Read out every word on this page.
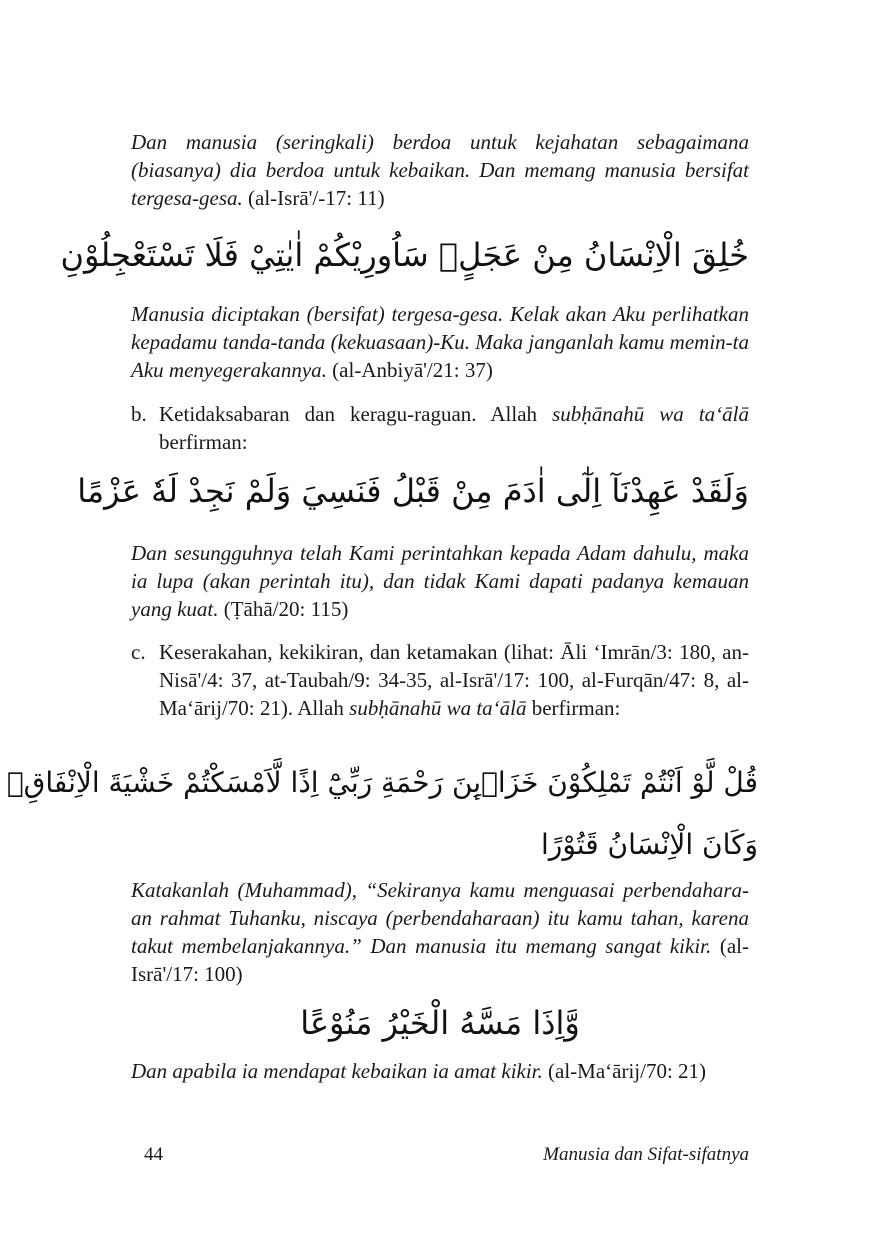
Dan manusia (seringkali) berdoa untuk kejahatan sebagaimana (biasanya) dia berdoa untuk kebaikan. Dan memang manusia bersifat tergesa-gesa. (al-Isrā'/-17: 11)

خُلِقَ الْاِنْسَانُ مِنْ عَجَلٍۗ سَاُورِيْكُمْ اٰيٰتِيْ فَلَا تَسْتَعْجِلُوْنِ

Manusia diciptakan (bersifat) tergesa-gesa. Kelak akan Aku perlihatkan kepadamu tanda-tanda (kekuasaan)-Ku. Maka janganlah kamu memin-ta Aku menyegerakannya. (al-Anbiyā'/21: 37)

b. Ketidaksabaran dan keragu-raguan. Allah subḥānahū wa ta‘ālā berfirman:
وَلَقَدْ عَهِدْنَآ اِلٰٓى اٰدَمَ مِنْ قَبْلُ فَنَسِيَ وَلَمْ نَجِدْ لَهٗ عَزْمًا

Dan sesungguhnya telah Kami perintahkan kepada Adam dahulu, maka ia lupa (akan perintah itu), dan tidak Kami dapati padanya kemauan yang kuat. (Ṭāhā/20: 115)

c. Keserakahan, kekikiran, dan ketamakan (lihat: Āli ‘Imrān/3: 180, an-Nisā'/4: 37, at-Taubah/9: 34-35, al-Isrā'/17: 100, al-Furqān/47: 8, al-Ma‘ārij/70: 21). Allah subḥānahū wa ta‘ālā berfirman:
قُلْ لَّوْ اَنْتُمْ تَمْلِكُوْنَ خَزَاۤىِٕنَ رَحْمَةِ رَبِّيْٓ اِذًا لَّاَمْسَكْتُمْ خَشْيَةَ الْاِنْفَاقِۗ
وَكَانَ الْاِنْسَانُ قَتُوْرًا

Katakanlah (Muhammad), “Sekiranya kamu menguasai perbendahara-an rahmat Tuhanku, niscaya (perbendaharaan) itu kamu tahan, karena takut membelanjakannya.” Dan manusia itu memang sangat kikir. (al-Isrā'/17: 100)

وَّاِذَا مَسَّهُ الْخَيْرُ مَنُوْعًا

Dan apabila ia mendapat kebaikan ia amat kikir. (al-Ma‘ārij/70: 21)

44	Manusia dan Sifat-sifatnya
